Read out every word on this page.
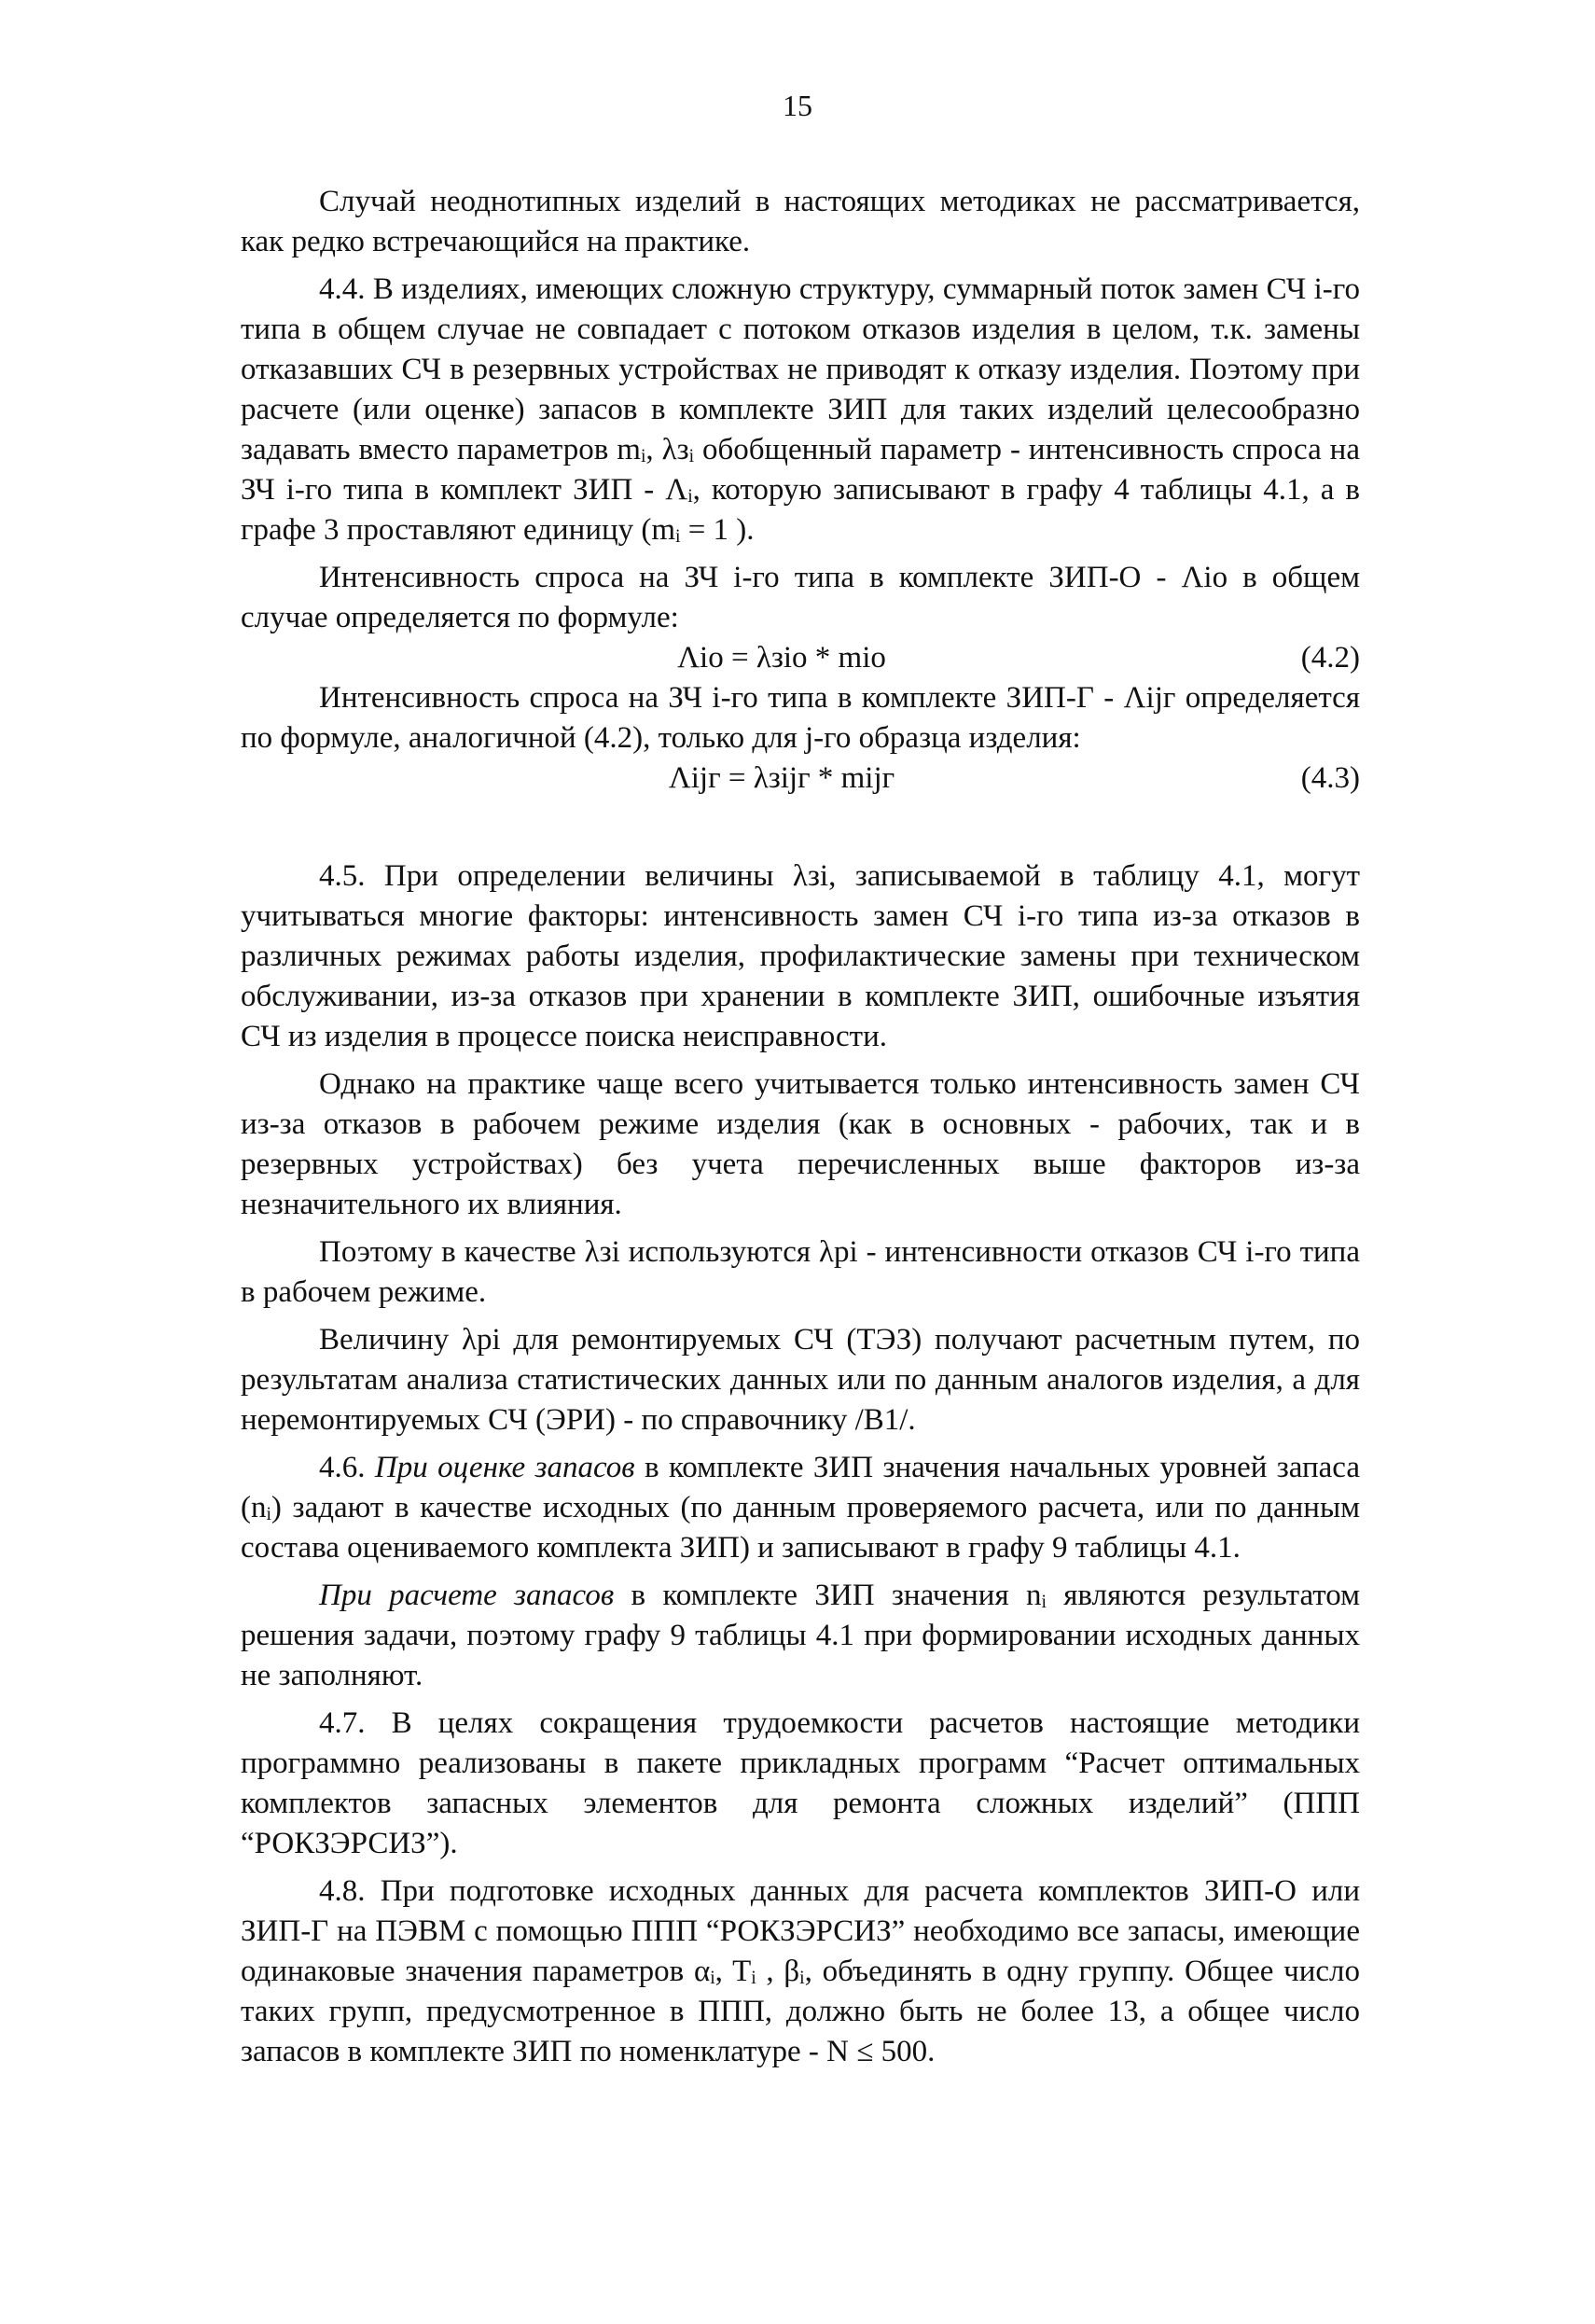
15

Случай неоднотипных изделий в настоящих методиках не рассматривается, как редко встречающийся на практике.

4.4. В изделиях, имеющих сложную структуру, суммарный поток замен СЧ i-го типа в общем случае не совпадает с потоком отказов изделия в целом, т.к. замены отказавших СЧ в резервных устройствах не приводят к отказу изделия. Поэтому при расчете (или оценке) запасов в комплекте ЗИП для таких изделий целесообразно задавать вместо параметров mᵢ, λзᵢ обобщенный параметр - интенсивность спроса на ЗЧ i-го типа в комплект ЗИП - Λᵢ, которую записывают в графу 4 таблицы 4.1, а в графе 3 проставляют единицу (mᵢ = 1 ).

Интенсивность спроса на ЗЧ i-го типа в комплекте ЗИП-О - Λio в общем случае определяется по формуле:

Λio = λзio * mio	(4.2)

Интенсивность спроса на ЗЧ i-го типа в комплекте ЗИП-Г - Λijг определяется по формуле, аналогичной (4.2), только для j-го образца изделия:

Λijг = λзijг * mijг	(4.3)

4.5. При определении величины λзi, записываемой в таблицу 4.1, могут учитываться многие факторы: интенсивность замен СЧ i-го типа из-за отказов в различных режимах работы изделия, профилактические замены при техническом обслуживании, из-за отказов при хранении в комплекте ЗИП, ошибочные изъятия СЧ из изделия в процессе поиска неисправности.

Однако на практике чаще всего учитывается только интенсивность замен СЧ из-за отказов в рабочем режиме изделия (как в основных - рабочих, так и в резервных устройствах) без учета перечисленных выше факторов из-за незначительного их влияния.

Поэтому в качестве λзi используются λpi - интенсивности отказов СЧ i-го типа в рабочем режиме.

Величину λpi для ремонтируемых СЧ (ТЭЗ) получают расчетным путем, по результатам анализа статистических данных или по данным аналогов изделия, а для неремонтируемых СЧ (ЭРИ) - по справочнику /В1/.

4.6. При оценке запасов в комплекте ЗИП значения начальных уровней запаса (nᵢ) задают в качестве исходных (по данным проверяемого расчета, или по данным состава оцениваемого комплекта ЗИП) и записывают в графу 9 таблицы 4.1.

При расчете запасов в комплекте ЗИП значения nᵢ являются результатом решения задачи, поэтому графу 9 таблицы 4.1 при формировании исходных данных не заполняют.

4.7. В целях сокращения трудоемкости расчетов настоящие методики программно реализованы в пакете прикладных программ “Расчет оптимальных комплектов запасных элементов для ремонта сложных изделий” (ППП “РОКЗЭРСИЗ”).

4.8. При подготовке исходных данных для расчета комплектов ЗИП-О или ЗИП-Г на ПЭВМ с помощью ППП “РОКЗЭРСИЗ” необходимо все запасы, имеющие одинаковые значения параметров αᵢ, Tᵢ , βᵢ, объединять в одну группу. Общее число таких групп, предусмотренное в ППП, должно быть не более 13, а общее число запасов в комплекте ЗИП по номенклатуре - N ≤ 500.
